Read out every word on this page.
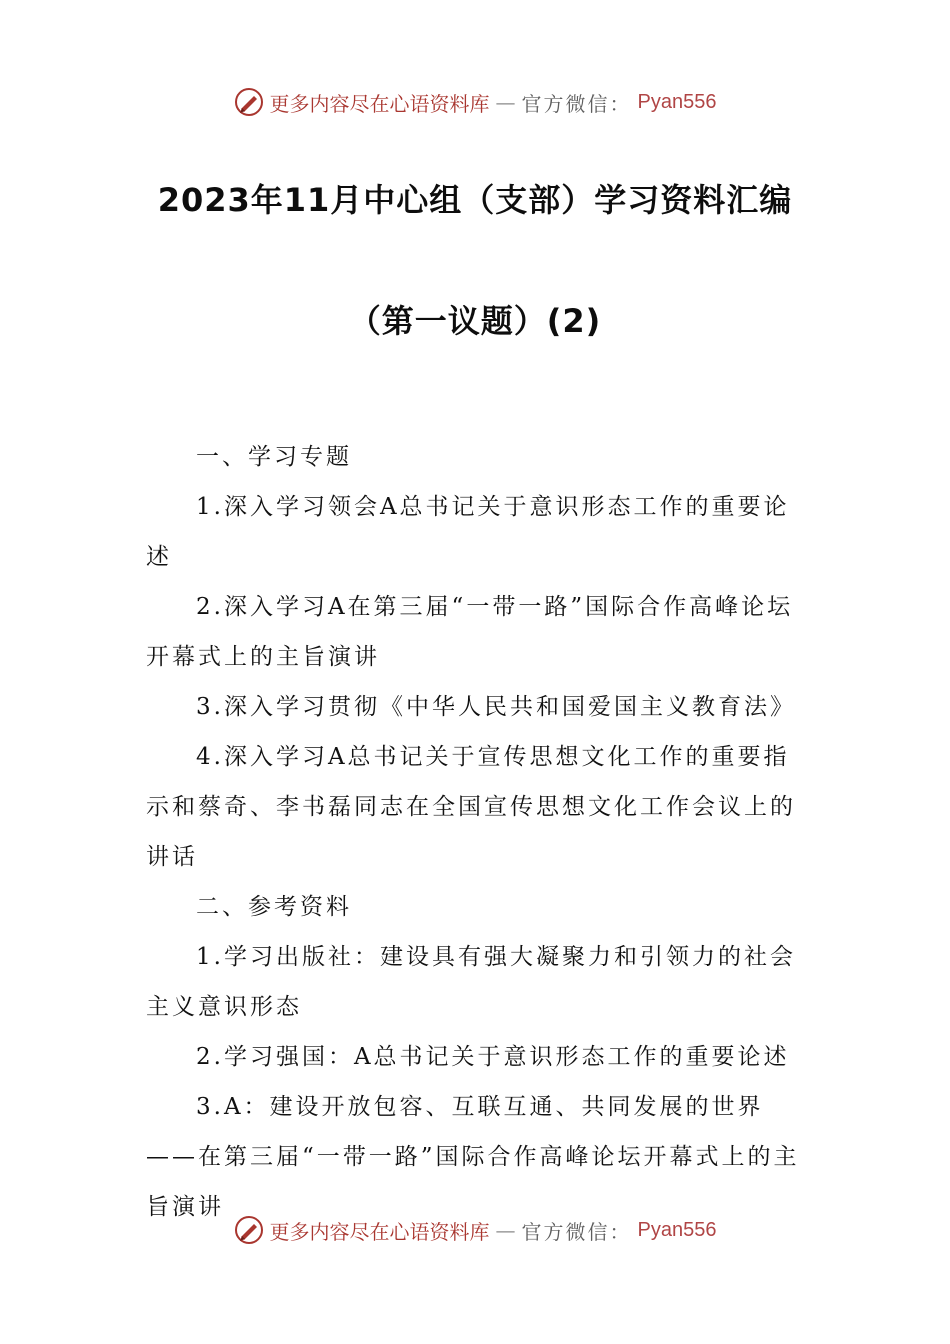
更多内容尽在心语资料库 — 官方微信： Pyan556
2023年11月中心组（支部）学习资料汇编
（第一议题）(2)

一、学习专题

1.深入学习领会A总书记关于意识形态工作的重要论述

2.深入学习A在第三届“一带一路”国际合作高峰论坛开幕式上的主旨演讲

3.深入学习贯彻《中华人民共和国爱国主义教育法》

4.深入学习A总书记关于宣传思想文化工作的重要指示和蔡奇、李书磊同志在全国宣传思想文化工作会议上的讲话

二、参考资料

1.学习出版社：建设具有强大凝聚力和引领力的社会主义意识形态

2.学习强国：A总书记关于意识形态工作的重要论述

3.A：建设开放包容、互联互通、共同发展的世界——在第三届“一带一路”国际合作高峰论坛开幕式上的主旨演讲

更多内容尽在心语资料库 — 官方微信： Pyan556
